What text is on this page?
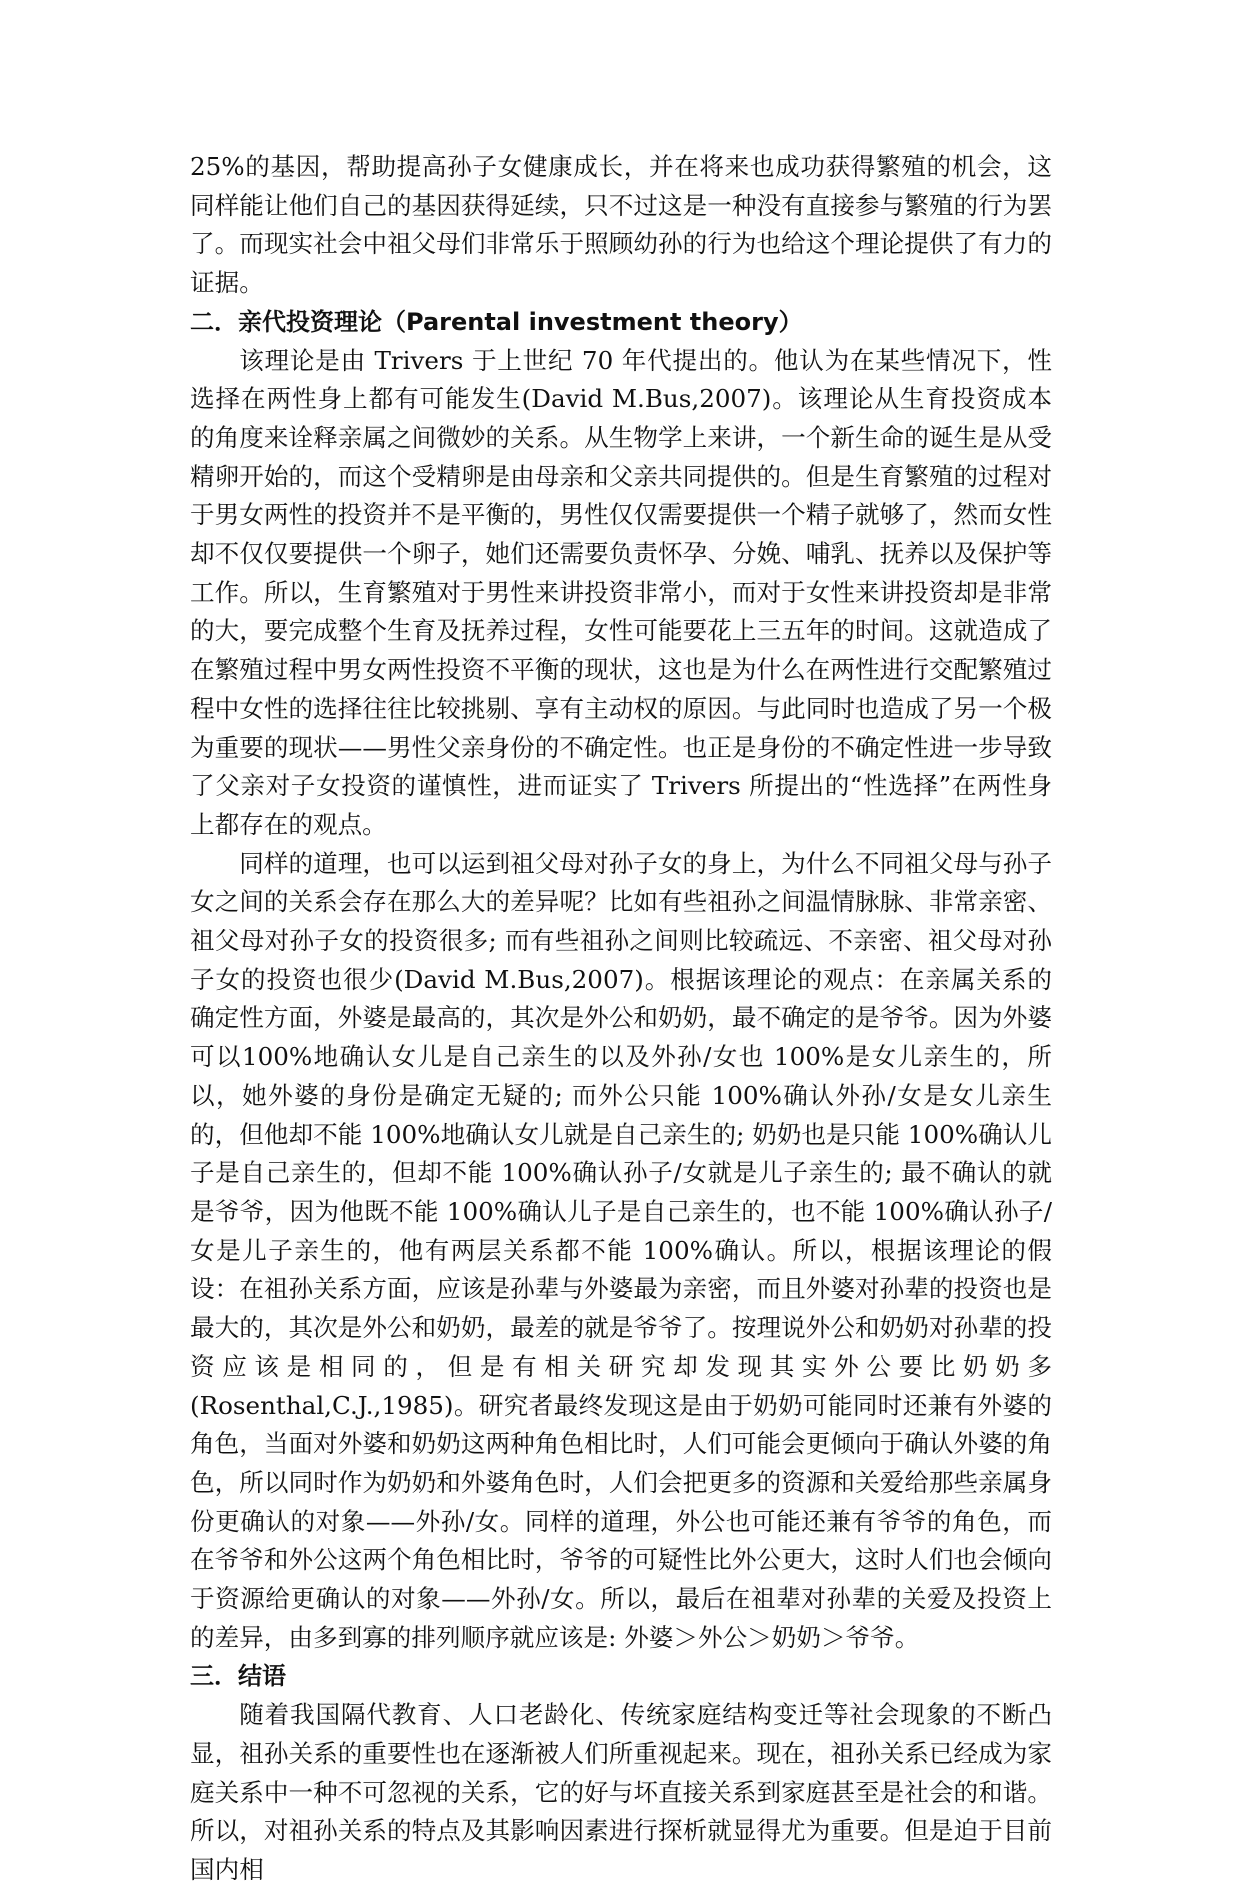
25%的基因，帮助提高孙子女健康成长，并在将来也成功获得繁殖的机会，这同样能让他们自己的基因获得延续，只不过这是一种没有直接参与繁殖的行为罢了。而现实社会中祖父母们非常乐于照顾幼孙的行为也给这个理论提供了有力的证据。

二．亲代投资理论（Parental investment theory）

该理论是由 Trivers 于上世纪 70 年代提出的。他认为在某些情况下，性选择在两性身上都有可能发生(David M.Bus,2007)。该理论从生育投资成本的角度来诠释亲属之间微妙的关系。从生物学上来讲，一个新生命的诞生是从受精卵开始的，而这个受精卵是由母亲和父亲共同提供的。但是生育繁殖的过程对于男女两性的投资并不是平衡的，男性仅仅需要提供一个精子就够了，然而女性却不仅仅要提供一个卵子，她们还需要负责怀孕、分娩、哺乳、抚养以及保护等工作。所以，生育繁殖对于男性来讲投资非常小，而对于女性来讲投资却是非常的大，要完成整个生育及抚养过程，女性可能要花上三五年的时间。这就造成了在繁殖过程中男女两性投资不平衡的现状，这也是为什么在两性进行交配繁殖过程中女性的选择往往比较挑剔、享有主动权的原因。与此同时也造成了另一个极为重要的现状——男性父亲身份的不确定性。也正是身份的不确定性进一步导致了父亲对子女投资的谨慎性，进而证实了 Trivers 所提出的“性选择”在两性身上都存在的观点。

同样的道理，也可以运到祖父母对孙子女的身上，为什么不同祖父母与孙子女之间的关系会存在那么大的差异呢？比如有些祖孙之间温情脉脉、非常亲密、祖父母对孙子女的投资很多; 而有些祖孙之间则比较疏远、不亲密、祖父母对孙子女的投资也很少(David M.Bus,2007)。根据该理论的观点：在亲属关系的确定性方面，外婆是最高的，其次是外公和奶奶，最不确定的是爷爷。因为外婆可以100%地确认女儿是自己亲生的以及外孙/女也 100%是女儿亲生的，所以，她外婆的身份是确定无疑的; 而外公只能 100%确认外孙/女是女儿亲生的，但他却不能 100%地确认女儿就是自己亲生的; 奶奶也是只能 100%确认儿子是自己亲生的，但却不能 100%确认孙子/女就是儿子亲生的; 最不确认的就是爷爷，因为他既不能 100%确认儿子是自己亲生的，也不能 100%确认孙子/女是儿子亲生的，他有两层关系都不能 100%确认。所以，根据该理论的假设：在祖孙关系方面，应该是孙辈与外婆最为亲密，而且外婆对孙辈的投资也是最大的，其次是外公和奶奶，最差的就是爷爷了。按理说外公和奶奶对孙辈的投资应该是相同的，但是有相关研究却发现其实外公要比奶奶多(Rosenthal,C.J.,1985)。研究者最终发现这是由于奶奶可能同时还兼有外婆的角色，当面对外婆和奶奶这两种角色相比时，人们可能会更倾向于确认外婆的角色，所以同时作为奶奶和外婆角色时，人们会把更多的资源和关爱给那些亲属身份更确认的对象——外孙/女。同样的道理，外公也可能还兼有爷爷的角色，而在爷爷和外公这两个角色相比时，爷爷的可疑性比外公更大，这时人们也会倾向于资源给更确认的对象——外孙/女。所以，最后在祖辈对孙辈的关爱及投资上的差异，由多到寡的排列顺序就应该是: 外婆＞外公＞奶奶＞爷爷。

三．结语

随着我国隔代教育、人口老龄化、传统家庭结构变迁等社会现象的不断凸显，祖孙关系的重要性也在逐渐被人们所重视起来。现在，祖孙关系已经成为家庭关系中一种不可忽视的关系，它的好与坏直接关系到家庭甚至是社会的和谐。所以，对祖孙关系的特点及其影响因素进行探析就显得尤为重要。但是迫于目前国内相
